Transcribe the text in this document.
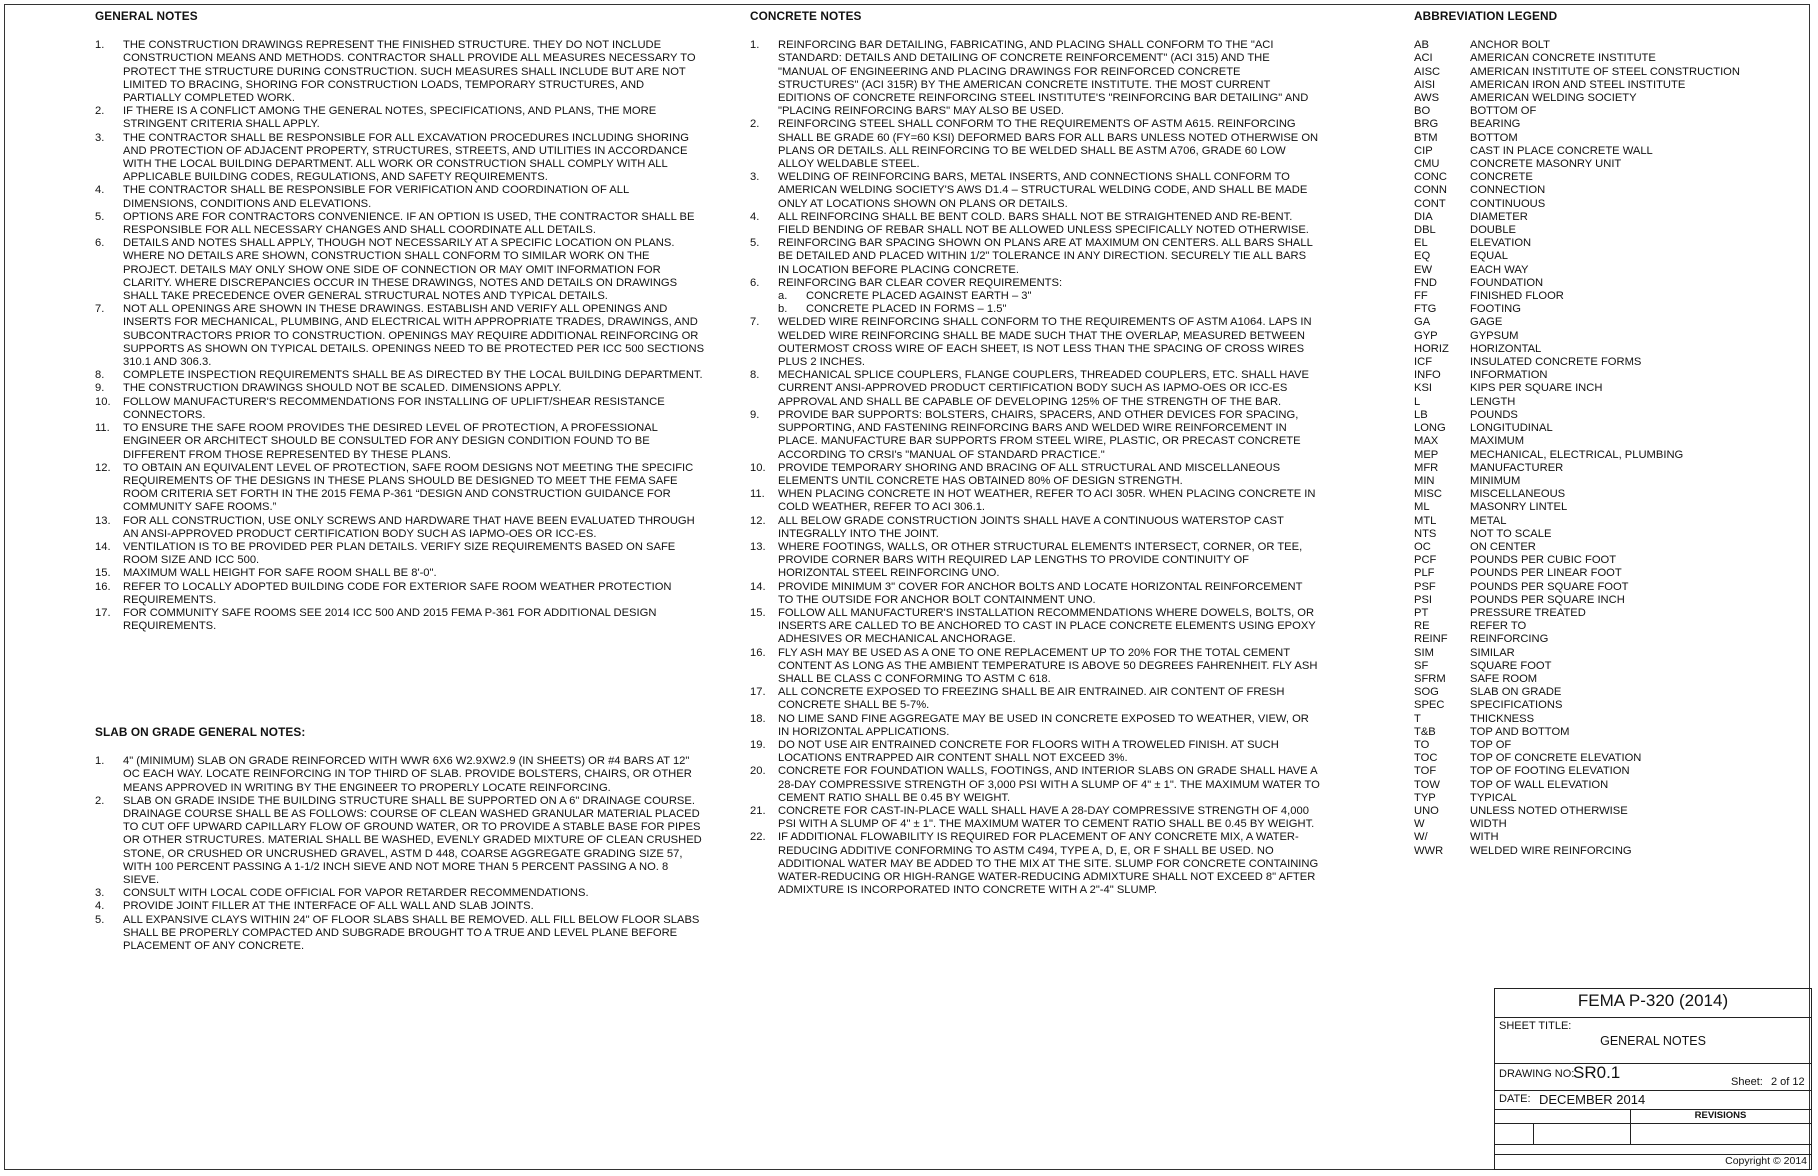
GENERAL NOTES
1. THE CONSTRUCTION DRAWINGS REPRESENT THE FINISHED STRUCTURE. THEY DO NOT INCLUDE CONSTRUCTION MEANS AND METHODS. CONTRACTOR SHALL PROVIDE ALL MEASURES NECESSARY TO PROTECT THE STRUCTURE DURING CONSTRUCTION. SUCH MEASURES SHALL INCLUDE BUT ARE NOT LIMITED TO BRACING, SHORING FOR CONSTRUCTION LOADS, TEMPORARY STRUCTURES, AND PARTIALLY COMPLETED WORK.
2. IF THERE IS A CONFLICT AMONG THE GENERAL NOTES, SPECIFICATIONS, AND PLANS, THE MORE STRINGENT CRITERIA SHALL APPLY.
3. THE CONTRACTOR SHALL BE RESPONSIBLE FOR ALL EXCAVATION PROCEDURES INCLUDING SHORING AND PROTECTION OF ADJACENT PROPERTY, STRUCTURES, STREETS, AND UTILITIES IN ACCORDANCE WITH THE LOCAL BUILDING DEPARTMENT. ALL WORK OR CONSTRUCTION SHALL COMPLY WITH ALL APPLICABLE BUILDING CODES, REGULATIONS, AND SAFETY REQUIREMENTS.
4. THE CONTRACTOR SHALL BE RESPONSIBLE FOR VERIFICATION AND COORDINATION OF ALL DIMENSIONS, CONDITIONS AND ELEVATIONS.
5. OPTIONS ARE FOR CONTRACTORS CONVENIENCE. IF AN OPTION IS USED, THE CONTRACTOR SHALL BE RESPONSIBLE FOR ALL NECESSARY CHANGES AND SHALL COORDINATE ALL DETAILS.
6. DETAILS AND NOTES SHALL APPLY, THOUGH NOT NECESSARILY AT A SPECIFIC LOCATION ON PLANS. WHERE NO DETAILS ARE SHOWN, CONSTRUCTION SHALL CONFORM TO SIMILAR WORK ON THE PROJECT. DETAILS MAY ONLY SHOW ONE SIDE OF CONNECTION OR MAY OMIT INFORMATION FOR CLARITY. WHERE DISCREPANCIES OCCUR IN THESE DRAWINGS, NOTES AND DETAILS ON DRAWINGS SHALL TAKE PRECEDENCE OVER GENERAL STRUCTURAL NOTES AND TYPICAL DETAILS.
7. NOT ALL OPENINGS ARE SHOWN IN THESE DRAWINGS. ESTABLISH AND VERIFY ALL OPENINGS AND INSERTS FOR MECHANICAL, PLUMBING, AND ELECTRICAL WITH APPROPRIATE TRADES, DRAWINGS, AND SUBCONTRACTORS PRIOR TO CONSTRUCTION. OPENINGS MAY REQUIRE ADDITIONAL REINFORCING OR SUPPORTS AS SHOWN ON TYPICAL DETAILS. OPENINGS NEED TO BE PROTECTED PER ICC 500 SECTIONS 310.1 AND 306.3.
8. COMPLETE INSPECTION REQUIREMENTS SHALL BE AS DIRECTED BY THE LOCAL BUILDING DEPARTMENT.
9. THE CONSTRUCTION DRAWINGS SHOULD NOT BE SCALED. DIMENSIONS APPLY.
10. FOLLOW MANUFACTURER'S RECOMMENDATIONS FOR INSTALLING OF UPLIFT/SHEAR RESISTANCE CONNECTORS.
11. TO ENSURE THE SAFE ROOM PROVIDES THE DESIRED LEVEL OF PROTECTION, A PROFESSIONAL ENGINEER OR ARCHITECT SHOULD BE CONSULTED FOR ANY DESIGN CONDITION FOUND TO BE DIFFERENT FROM THOSE REPRESENTED BY THESE PLANS.
12. TO OBTAIN AN EQUIVALENT LEVEL OF PROTECTION, SAFE ROOM DESIGNS NOT MEETING THE SPECIFIC REQUIREMENTS OF THE DESIGNS IN THESE PLANS SHOULD BE DESIGNED TO MEET THE FEMA SAFE ROOM CRITERIA SET FORTH IN THE 2015 FEMA P-361 “DESIGN AND CONSTRUCTION GUIDANCE FOR COMMUNITY SAFE ROOMS.”
13. FOR ALL CONSTRUCTION, USE ONLY SCREWS AND HARDWARE THAT HAVE BEEN EVALUATED THROUGH AN ANSI-APPROVED PRODUCT CERTIFICATION BODY SUCH AS IAPMO-OES OR ICC-ES.
14. VENTILATION IS TO BE PROVIDED PER PLAN DETAILS. VERIFY SIZE REQUIREMENTS BASED ON SAFE ROOM SIZE AND ICC 500.
15. MAXIMUM WALL HEIGHT FOR SAFE ROOM SHALL BE 8'-0".
16. REFER TO LOCALLY ADOPTED BUILDING CODE FOR EXTERIOR SAFE ROOM WEATHER PROTECTION REQUIREMENTS.
17. FOR COMMUNITY SAFE ROOMS SEE 2014 ICC 500 AND 2015 FEMA P-361 FOR ADDITIONAL DESIGN REQUIREMENTS.
SLAB ON GRADE GENERAL NOTES:
1. 4" (MINIMUM) SLAB ON GRADE REINFORCED WITH WWR 6X6 W2.9XW2.9 (IN SHEETS) OR #4 BARS AT 12" OC EACH WAY. LOCATE REINFORCING IN TOP THIRD OF SLAB. PROVIDE BOLSTERS, CHAIRS, OR OTHER MEANS APPROVED IN WRITING BY THE ENGINEER TO PROPERLY LOCATE REINFORCING.
2. SLAB ON GRADE INSIDE THE BUILDING STRUCTURE SHALL BE SUPPORTED ON A 6" DRAINAGE COURSE. DRAINAGE COURSE SHALL BE AS FOLLOWS: COURSE OF CLEAN WASHED GRANULAR MATERIAL PLACED TO CUT OFF UPWARD CAPILLARY FLOW OF GROUND WATER, OR TO PROVIDE A STABLE BASE FOR PIPES OR OTHER STRUCTURES. MATERIAL SHALL BE WASHED, EVENLY GRADED MIXTURE OF CLEAN CRUSHED STONE, OR CRUSHED OR UNCRUSHED GRAVEL, ASTM D 448, COARSE AGGREGATE GRADING SIZE 57, WITH 100 PERCENT PASSING A 1-1/2 INCH SIEVE AND NOT MORE THAN 5 PERCENT PASSING A NO. 8 SIEVE.
3. CONSULT WITH LOCAL CODE OFFICIAL FOR VAPOR RETARDER RECOMMENDATIONS.
4. PROVIDE JOINT FILLER AT THE INTERFACE OF ALL WALL AND SLAB JOINTS.
5. ALL EXPANSIVE CLAYS WITHIN 24" OF FLOOR SLABS SHALL BE REMOVED. ALL FILL BELOW FLOOR SLABS SHALL BE PROPERLY COMPACTED AND SUBGRADE BROUGHT TO A TRUE AND LEVEL PLANE BEFORE PLACEMENT OF ANY CONCRETE.
CONCRETE NOTES
1. REINFORCING BAR DETAILING, FABRICATING, AND PLACING SHALL CONFORM TO THE "ACI STANDARD: DETAILS AND DETAILING OF CONCRETE REINFORCEMENT" (ACI 315) AND THE "MANUAL OF ENGINEERING AND PLACING DRAWINGS FOR REINFORCED CONCRETE STRUCTURES" (ACI 315R) BY THE AMERICAN CONCRETE INSTITUTE. THE MOST CURRENT EDITIONS OF CONCRETE REINFORCING STEEL INSTITUTE'S "REINFORCING BAR DETAILING" AND "PLACING REINFORCING BARS" MAY ALSO BE USED.
2. REINFORCING STEEL SHALL CONFORM TO THE REQUIREMENTS OF ASTM A615. REINFORCING SHALL BE GRADE 60 (FY=60 KSI) DEFORMED BARS FOR ALL BARS UNLESS NOTED OTHERWISE ON PLANS OR DETAILS. ALL REINFORCING TO BE WELDED SHALL BE ASTM A706, GRADE 60 LOW ALLOY WELDABLE STEEL.
3. WELDING OF REINFORCING BARS, METAL INSERTS, AND CONNECTIONS SHALL CONFORM TO AMERICAN WELDING SOCIETY'S AWS D1.4 – STRUCTURAL WELDING CODE, AND SHALL BE MADE ONLY AT LOCATIONS SHOWN ON PLANS OR DETAILS.
4. ALL REINFORCING SHALL BE BENT COLD. BARS SHALL NOT BE STRAIGHTENED AND RE-BENT. FIELD BENDING OF REBAR SHALL NOT BE ALLOWED UNLESS SPECIFICALLY NOTED OTHERWISE.
5. REINFORCING BAR SPACING SHOWN ON PLANS ARE AT MAXIMUM ON CENTERS. ALL BARS SHALL BE DETAILED AND PLACED WITHIN 1/2" TOLERANCE IN ANY DIRECTION. SECURELY TIE ALL BARS IN LOCATION BEFORE PLACING CONCRETE.
6. REINFORCING BAR CLEAR COVER REQUIREMENTS:
a. CONCRETE PLACED AGAINST EARTH – 3"
b. CONCRETE PLACED IN FORMS – 1.5"
7. WELDED WIRE REINFORCING SHALL CONFORM TO THE REQUIREMENTS OF ASTM A1064. LAPS IN WELDED WIRE REINFORCING SHALL BE MADE SUCH THAT THE OVERLAP, MEASURED BETWEEN OUTERMOST CROSS WIRE OF EACH SHEET, IS NOT LESS THAN THE SPACING OF CROSS WIRES PLUS 2 INCHES.
8. MECHANICAL SPLICE COUPLERS, FLANGE COUPLERS, THREADED COUPLERS, ETC. SHALL HAVE CURRENT ANSI-APPROVED PRODUCT CERTIFICATION BODY SUCH AS IAPMO-OES OR ICC-ES APPROVAL AND SHALL BE CAPABLE OF DEVELOPING 125% OF THE STRENGTH OF THE BAR.
9. PROVIDE BAR SUPPORTS: BOLSTERS, CHAIRS, SPACERS, AND OTHER DEVICES FOR SPACING, SUPPORTING, AND FASTENING REINFORCING BARS AND WELDED WIRE REINFORCEMENT IN PLACE. MANUFACTURE BAR SUPPORTS FROM STEEL WIRE, PLASTIC, OR PRECAST CONCRETE ACCORDING TO CRSI's "MANUAL OF STANDARD PRACTICE."
10. PROVIDE TEMPORARY SHORING AND BRACING OF ALL STRUCTURAL AND MISCELLANEOUS ELEMENTS UNTIL CONCRETE HAS OBTAINED 80% OF DESIGN STRENGTH.
11. WHEN PLACING CONCRETE IN HOT WEATHER, REFER TO ACI 305R. WHEN PLACING CONCRETE IN COLD WEATHER, REFER TO ACI 306.1.
12. ALL BELOW GRADE CONSTRUCTION JOINTS SHALL HAVE A CONTINUOUS WATERSTOP CAST INTEGRALLY INTO THE JOINT.
13. WHERE FOOTINGS, WALLS, OR OTHER STRUCTURAL ELEMENTS INTERSECT, CORNER, OR TEE, PROVIDE CORNER BARS WITH REQUIRED LAP LENGTHS TO PROVIDE CONTINUITY OF HORIZONTAL STEEL REINFORCING UNO.
14. PROVIDE MINIMUM 3" COVER FOR ANCHOR BOLTS AND LOCATE HORIZONTAL REINFORCEMENT TO THE OUTSIDE FOR ANCHOR BOLT CONTAINMENT UNO.
15. FOLLOW ALL MANUFACTURER'S INSTALLATION RECOMMENDATIONS WHERE DOWELS, BOLTS, OR INSERTS ARE CALLED TO BE ANCHORED TO CAST IN PLACE CONCRETE ELEMENTS USING EPOXY ADHESIVES OR MECHANICAL ANCHORAGE.
16. FLY ASH MAY BE USED AS A ONE TO ONE REPLACEMENT UP TO 20% FOR THE TOTAL CEMENT CONTENT AS LONG AS THE AMBIENT TEMPERATURE IS ABOVE 50 DEGREES FAHRENHEIT. FLY ASH SHALL BE CLASS C CONFORMING TO ASTM C 618.
17. ALL CONCRETE EXPOSED TO FREEZING SHALL BE AIR ENTRAINED. AIR CONTENT OF FRESH CONCRETE SHALL BE 5-7%.
18. NO LIME SAND FINE AGGREGATE MAY BE USED IN CONCRETE EXPOSED TO WEATHER, VIEW, OR IN HORIZONTAL APPLICATIONS.
19. DO NOT USE AIR ENTRAINED CONCRETE FOR FLOORS WITH A TROWELED FINISH. AT SUCH LOCATIONS ENTRAPPED AIR CONTENT SHALL NOT EXCEED 3%.
20. CONCRETE FOR FOUNDATION WALLS, FOOTINGS, AND INTERIOR SLABS ON GRADE SHALL HAVE A 28-DAY COMPRESSIVE STRENGTH OF 3,000 PSI WITH A SLUMP OF 4" ± 1". THE MAXIMUM WATER TO CEMENT RATIO SHALL BE 0.45 BY WEIGHT.
21. CONCRETE FOR CAST-IN-PLACE WALL SHALL HAVE A 28-DAY COMPRESSIVE STRENGTH OF 4,000 PSI WITH A SLUMP OF 4" ± 1". THE MAXIMUM WATER TO CEMENT RATIO SHALL BE 0.45 BY WEIGHT.
22. IF ADDITIONAL FLOWABILITY IS REQUIRED FOR PLACEMENT OF ANY CONCRETE MIX, A WATER-REDUCING ADDITIVE CONFORMING TO ASTM C494, TYPE A, D, E, OR F SHALL BE USED. NO ADDITIONAL WATER MAY BE ADDED TO THE MIX AT THE SITE. SLUMP FOR CONCRETE CONTAINING WATER-REDUCING OR HIGH-RANGE WATER-REDUCING ADMIXTURE SHALL NOT EXCEED 8" AFTER ADMIXTURE IS INCORPORATED INTO CONCRETE WITH A 2"-4" SLUMP.
ABBREVIATION LEGEND
AB	ANCHOR BOLT
ACI	AMERICAN CONCRETE INSTITUTE
AISC	AMERICAN INSTITUTE OF STEEL CONSTRUCTION
AISI	AMERICAN IRON AND STEEL INSTITUTE
AWS	AMERICAN WELDING SOCIETY
BO	BOTTOM OF
BRG	BEARING
BTM	BOTTOM
CIP	CAST IN PLACE CONCRETE WALL
CMU	CONCRETE MASONRY UNIT
CONC	CONCRETE
CONN	CONNECTION
CONT	CONTINUOUS
DIA	DIAMETER
DBL	DOUBLE
EL	ELEVATION
EQ	EQUAL
EW	EACH WAY
FND	FOUNDATION
FF	FINISHED FLOOR
FTG	FOOTING
GA	GAGE
GYP	GYPSUM
HORIZ	HORIZONTAL
ICF	INSULATED CONCRETE FORMS
INFO	INFORMATION
KSI	KIPS PER SQUARE INCH
L	LENGTH
LB	POUNDS
LONG	LONGITUDINAL
MAX	MAXIMUM
MEP	MECHANICAL, ELECTRICAL, PLUMBING
MFR	MANUFACTURER
MIN	MINIMUM
MISC	MISCELLANEOUS
ML	MASONRY LINTEL
MTL	METAL
NTS	NOT TO SCALE
OC	ON CENTER
PCF	POUNDS PER CUBIC FOOT
PLF	POUNDS PER LINEAR FOOT
PSF	POUNDS PER SQUARE FOOT
PSI	POUNDS PER SQUARE INCH
PT	PRESSURE TREATED
RE	REFER TO
REINF	REINFORCING
SIM	SIMILAR
SF	SQUARE FOOT
SFRM	SAFE ROOM
SOG	SLAB ON GRADE
SPEC	SPECIFICATIONS
T	THICKNESS
T&B	TOP AND BOTTOM
TO	TOP OF
TOC	TOP OF CONCRETE ELEVATION
TOF	TOP OF FOOTING ELEVATION
TOW	TOP OF WALL ELEVATION
TYP	TYPICAL
UNO	UNLESS NOTED OTHERWISE
W	WIDTH
W/	WITH
WWR	WELDED WIRE REINFORCING
FEMA P-320 (2014)
SHEET TITLE:
GENERAL NOTES
DRAWING NO:
SR0.1	Sheet: 2 of 12
DATE: DECEMBER 2014
REVISIONS
Copyright © 2014
